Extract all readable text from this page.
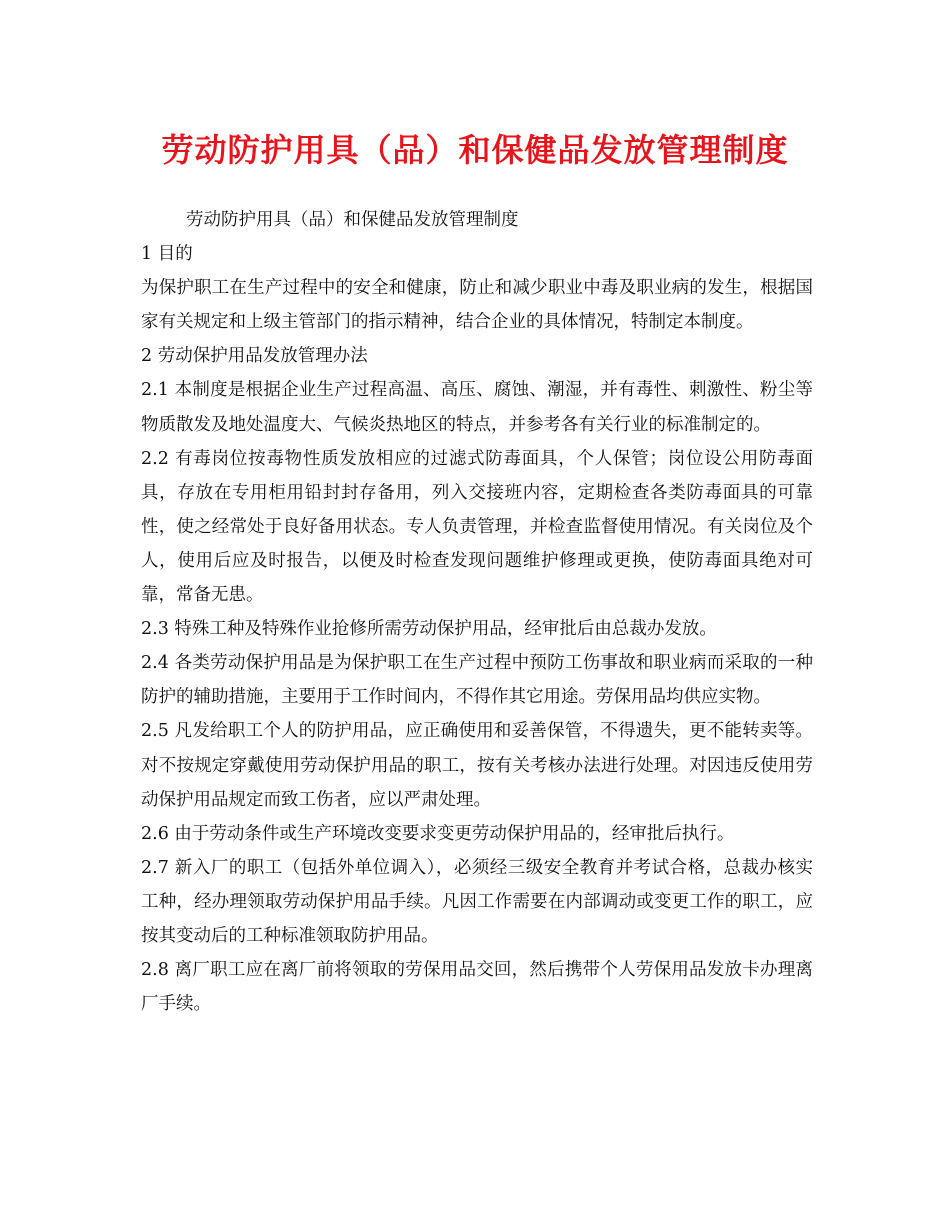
劳动防护用具（品）和保健品发放管理制度

劳动防护用具（品）和保健品发放管理制度

1 目的

为保护职工在生产过程中的安全和健康，防止和减少职业中毒及职业病的发生，根据国家有关规定和上级主管部门的指示精神，结合企业的具体情况，特制定本制度。

2 劳动保护用品发放管理办法

2.1 本制度是根据企业生产过程高温、高压、腐蚀、潮湿，并有毒性、刺激性、粉尘等物质散发及地处温度大、气候炎热地区的特点，并参考各有关行业的标准制定的。

2.2 有毒岗位按毒物性质发放相应的过滤式防毒面具，个人保管；岗位设公用防毒面具，存放在专用柜用铅封封存备用，列入交接班内容，定期检查各类防毒面具的可靠性，使之经常处于良好备用状态。专人负责管理，并检查监督使用情况。有关岗位及个人，使用后应及时报告，以便及时检查发现问题维护修理或更换，使防毒面具绝对可靠，常备无患。

2.3 特殊工种及特殊作业抢修所需劳动保护用品，经审批后由总裁办发放。

2.4 各类劳动保护用品是为保护职工在生产过程中预防工伤事故和职业病而采取的一种防护的辅助措施，主要用于工作时间内，不得作其它用途。劳保用品均供应实物。

2.5 凡发给职工个人的防护用品，应正确使用和妥善保管，不得遗失，更不能转卖等。对不按规定穿戴使用劳动保护用品的职工，按有关考核办法进行处理。对因违反使用劳动保护用品规定而致工伤者，应以严肃处理。

2.6 由于劳动条件或生产环境改变要求变更劳动保护用品的，经审批后执行。

2.7 新入厂的职工（包括外单位调入），必须经三级安全教育并考试合格，总裁办核实工种，经办理领取劳动保护用品手续。凡因工作需要在内部调动或变更工作的职工，应按其变动后的工种标准领取防护用品。

2.8 离厂职工应在离厂前将领取的劳保用品交回，然后携带个人劳保用品发放卡办理离厂手续。
